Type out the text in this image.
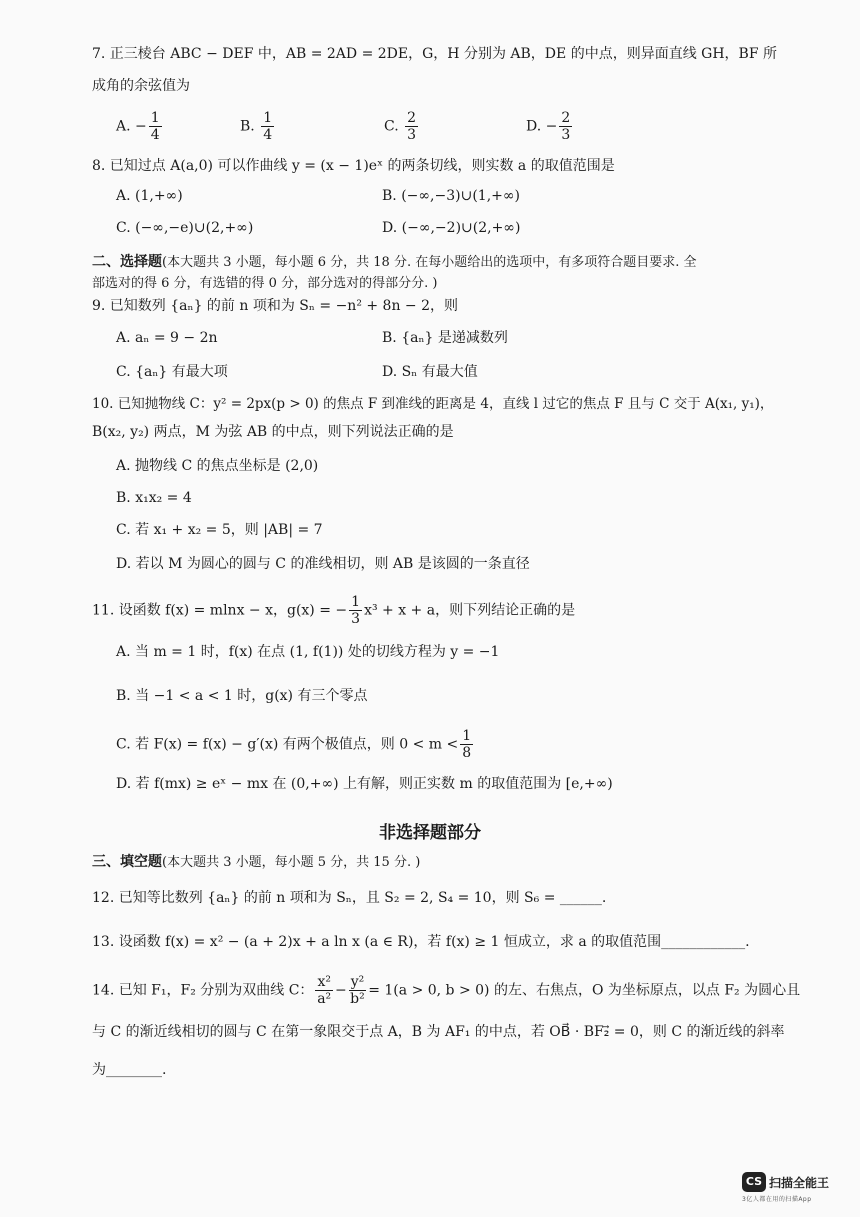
7. 正三棱台 ABC − DEF 中，AB = 2AD = 2DE，G，H 分别为 AB，DE 的中点，则异面直线 GH，BF 所
成角的余弦值为
A. − $\frac{1}{4}$	B. $\frac{1}{4}$	C. $\frac{2}{3}$	D. − $\frac{2}{3}$
8. 已知过点 A(a,0) 可以作曲线 y = (x − 1)eˣ 的两条切线，则实数 a 的取值范围是
A. (1,+∞)	B. (−∞,−3)∪(1,+∞)
C. (−∞,−e)∪(2,+∞)	D. (−∞,−2)∪(2,+∞)
二、选择题(本大题共 3 小题，每小题 6 分，共 18 分. 在每小题给出的选项中，有多项符合题目要求. 全
部选对的得 6 分，有选错的得 0 分，部分选对的得部分分. )
9. 已知数列 {aₙ} 的前 n 项和为 Sₙ = −n² + 8n − 2，则
A. aₙ = 9 − 2n	B. {aₙ} 是递减数列
C. {aₙ} 有最大项	D. Sₙ 有最大值
10. 已知抛物线 C：y² = 2px(p > 0) 的焦点 F 到准线的距离是 4，直线 l 过它的焦点 F 且与 C 交于 A(x₁, y₁)，
B(x₂, y₂) 两点，M 为弦 AB 的中点，则下列说法正确的是
A. 抛物线 C 的焦点坐标是 (2,0)
B. x₁x₂ = 4
C. 若 x₁ + x₂ = 5，则 |AB| = 7
D. 若以 M 为圆心的圆与 C 的准线相切，则 AB 是该圆的一条直径
11. 设函数 f(x) = mlnx − x，g(x) = − $\frac{1}{3} x^3 + x + a$，则下列结论正确的是
A. 当 m = 1 时，f(x) 在点 (1, f(1)) 处的切线方程为 y = −1
B. 当 −1 < a < 1 时，g(x) 有三个零点
C. 若 F(x) = f(x) − g′(x) 有两个极值点，则 $0 < m < \frac{1}{8}$
D. 若 f(mx) ≥ eˣ − mx 在 (0,+∞) 上有解，则正实数 m 的取值范围为 [e,+∞)
非选择题部分
三、填空题(本大题共 3 小题，每小题 5 分，共 15 分. )
12. 已知等比数列 {aₙ} 的前 n 项和为 Sₙ，且 S₂ = 2, S₄ = 10，则 S₆ = ______.
13. 设函数 f(x) = x² − (a + 2)x + a ln x (a ∈ R)，若 f(x) ≥ 1 恒成立，求 a 的取值范围____________.
14. 已知 F₁，F₂ 分别为双曲线 C： $\frac{\text{x²}}{\text{a²}} - \frac{\text{y²}}{\text{b²}} = 1(a > 0$, b > 0) 的左、右焦点，O 为坐标原点，以点 F₂ 为圆心且
与 C 的渐近线相切的圆与 C 在第一象限交于点 A，B 为 AF₁ 的中点，若 OB⃗ · BF₂⃗ = 0，则 C 的渐近线的斜率
为________.
CS 扫描全能王
3亿人都在用的扫描App
